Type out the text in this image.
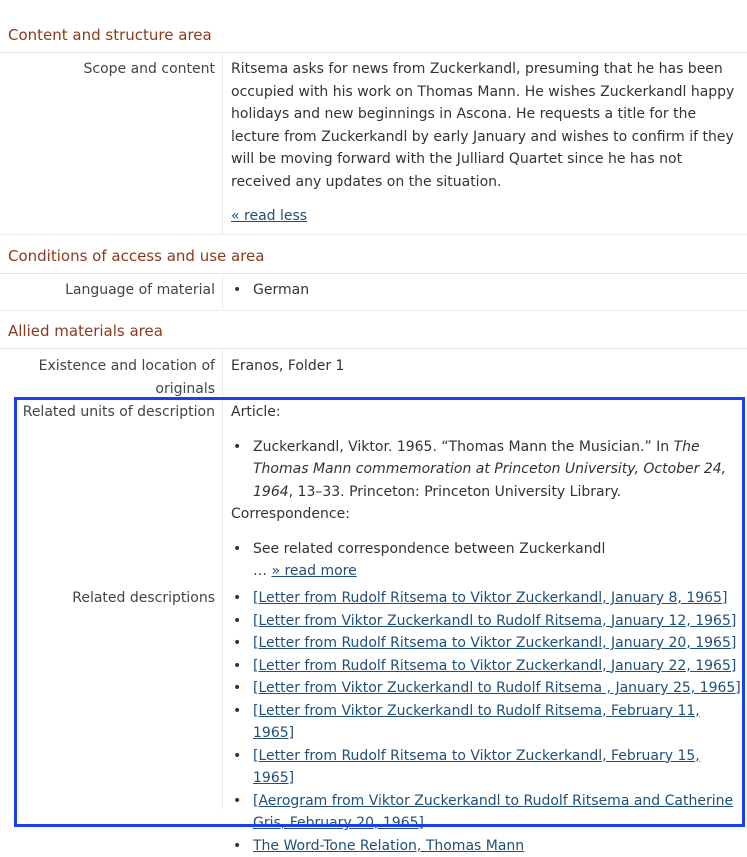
Content and structure area
Scope and content Ritsema asks for news from Zuckerkandl, presuming that he has been occupied with his work on Thomas Mann. He wishes Zuckerkandl happy holidays and new beginnings in Ascona. He requests a title for the lecture from Zuckerkandl by early January and wishes to confirm if they will be moving forward with the Julliard Quartet since he has not received any updates on the situation.
« read less
Conditions of access and use area
Language of material	• German
Allied materials area
Existence and location of
originals
Eranos, Folder 1
Related units of description Article:
• Zuckerkandl, Viktor. 1965. “Thomas Mann the Musician.” In The Thomas Mann commemoration at Princeton University, October 24, 1964, 13–33. Princeton: Princeton University Library.
Correspondence:
• See related correspondence between Zuckerkandl
… » read more
Related descriptions	• [Letter from Rudolf Ritsema to Viktor Zuckerkandl, January 8, 1965]
• [Letter from Viktor Zuckerkandl to Rudolf Ritsema, January 12, 1965]
• [Letter from Rudolf Ritsema to Viktor Zuckerkandl, January 20, 1965]
• [Letter from Rudolf Ritsema to Viktor Zuckerkandl, January 22, 1965]
• [Letter from Viktor Zuckerkandl to Rudolf Ritsema , January 25, 1965]
• [Letter from Viktor Zuckerkandl to Rudolf Ritsema, February 11, 1965]
• [Letter from Rudolf Ritsema to Viktor Zuckerkandl, February 15, 1965]
• [Aerogram from Viktor Zuckerkandl to Rudolf Ritsema and Catherine Gris, February 20, 1965]
• The Word-Tone Relation, Thomas Mann
